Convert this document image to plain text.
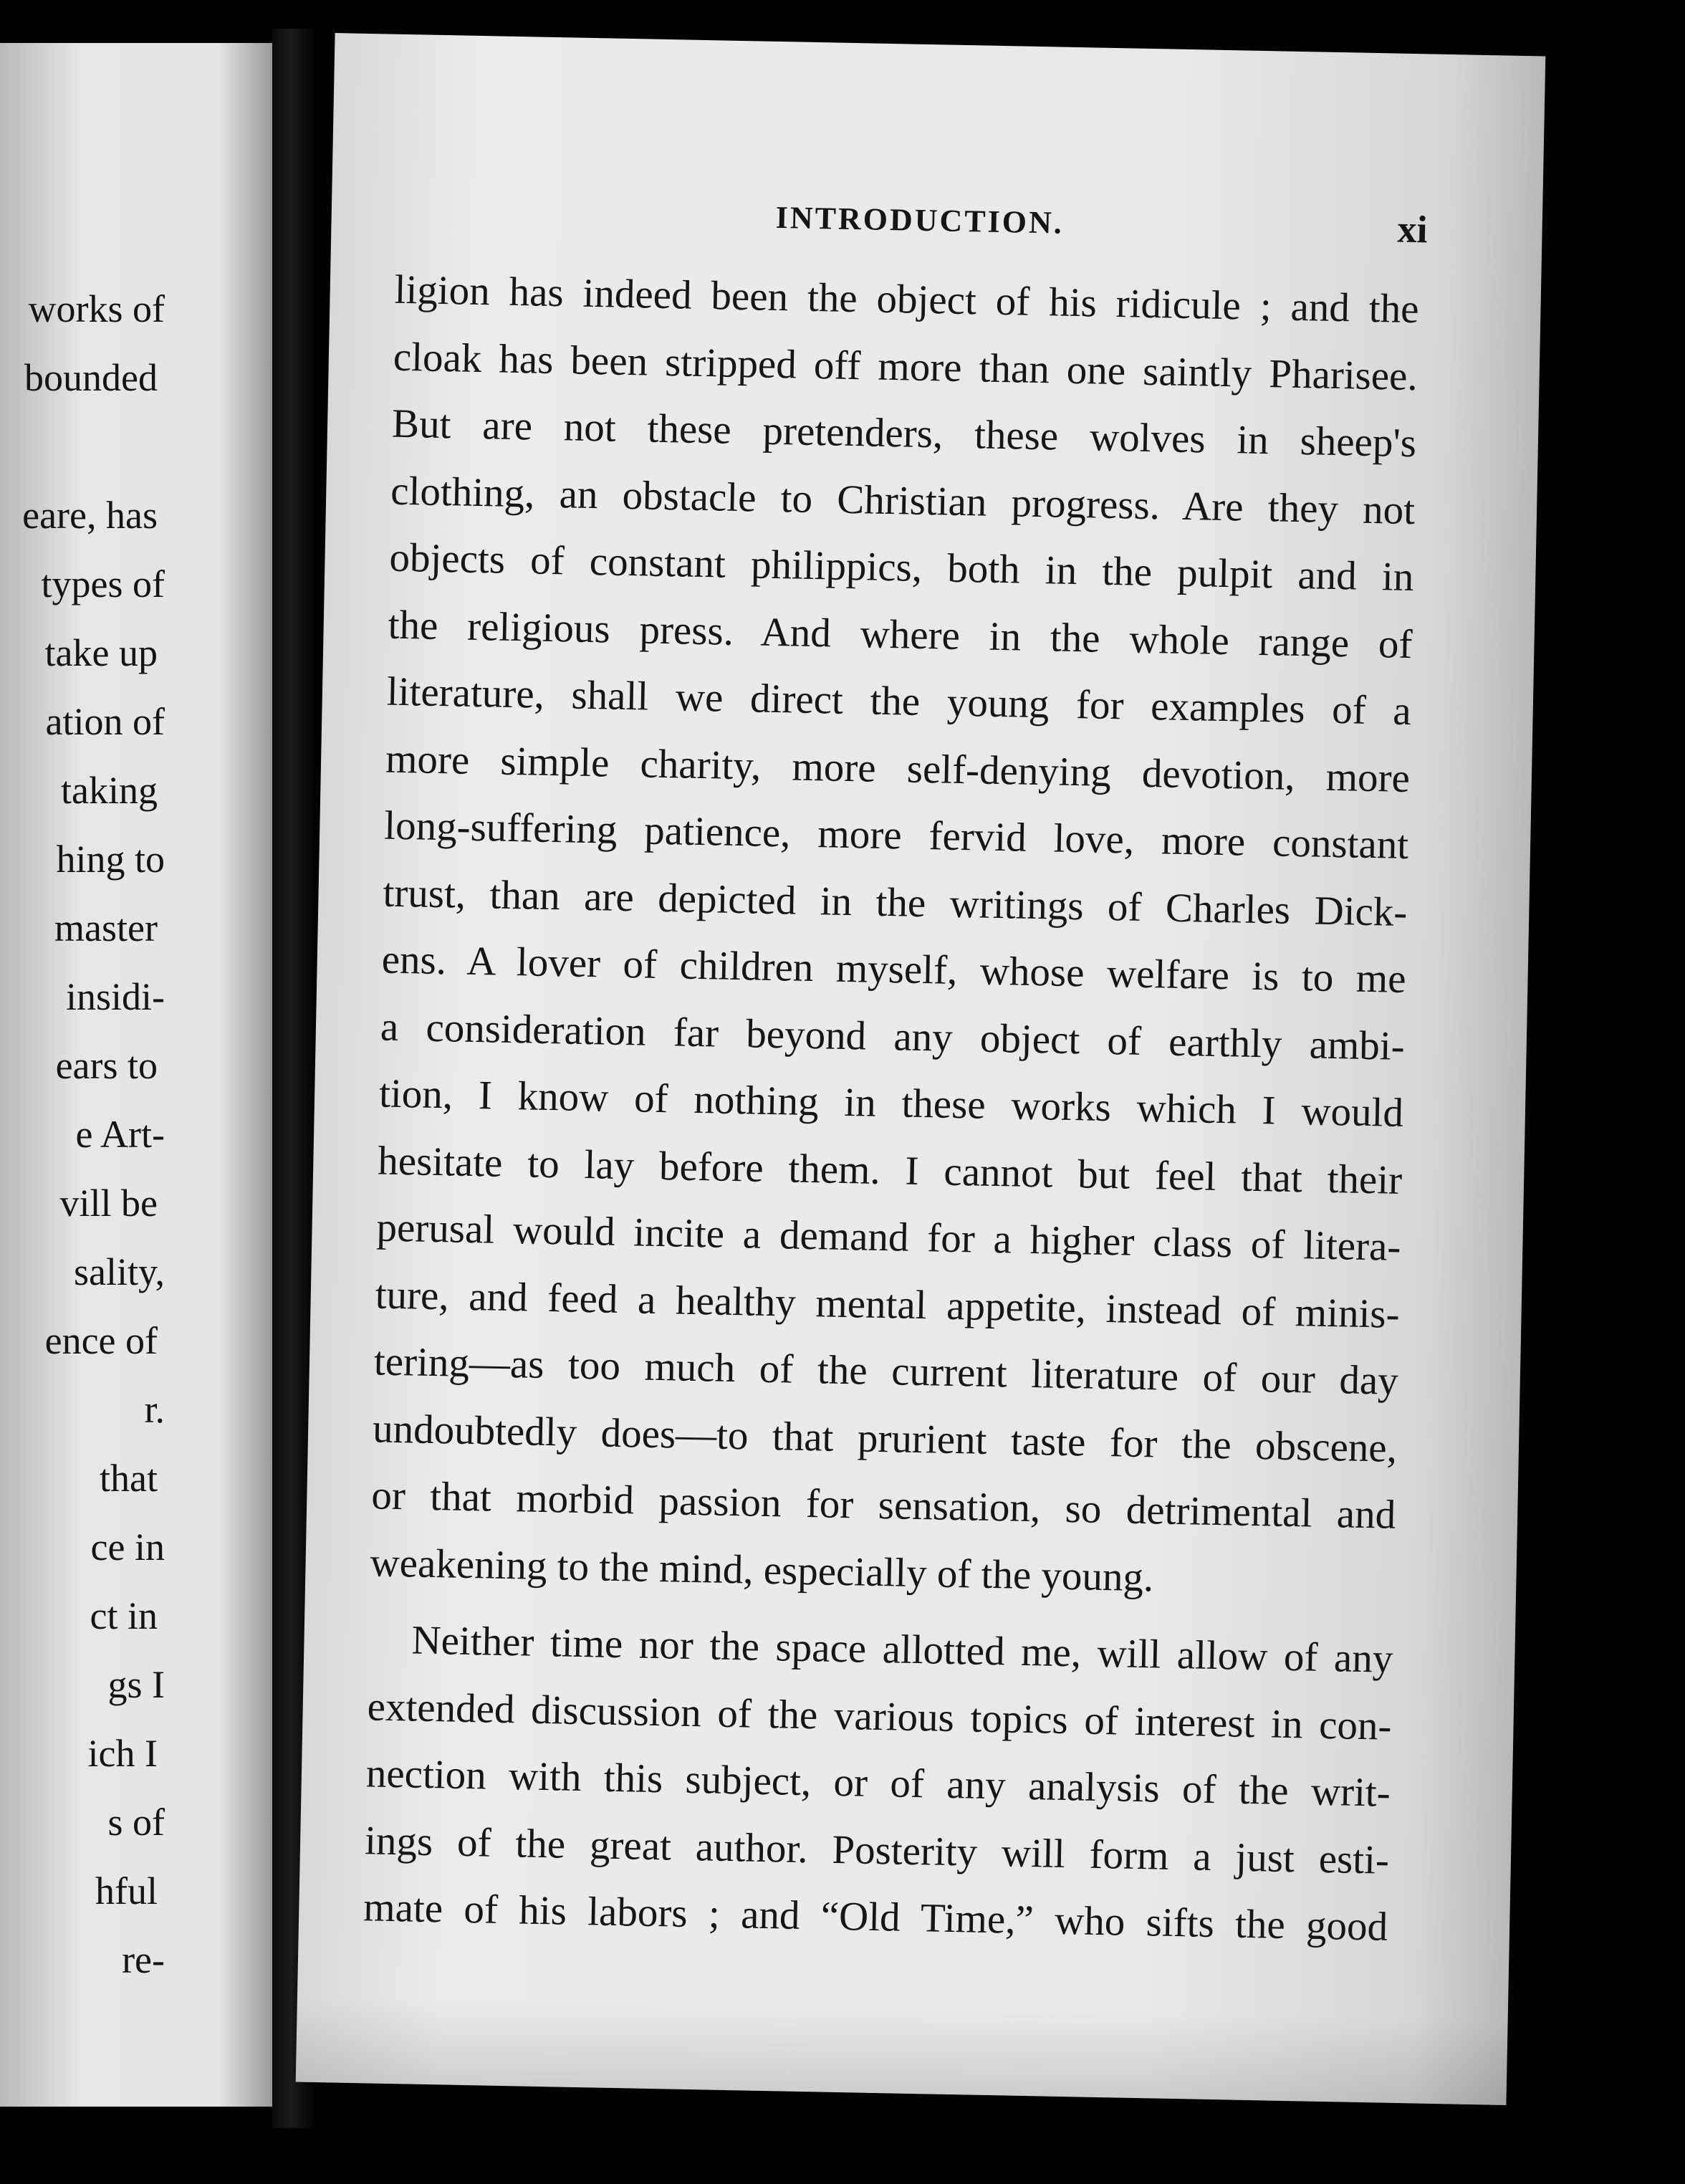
works of
bounded
eare, has
types of
take up
ation of
taking
hing to
master
insidi-
ears to
e Art-
vill be
sality,
ence of
r.
that
ce in
ct in
gs I
ich I
s of
hful
re-
INTRODUCTION.	xi
ligion has indeed been the object of his ridicule ; and the
cloak has been stripped off more than one saintly Pharisee.
But are not these pretenders, these wolves in sheep's
clothing, an obstacle to Christian progress. Are they not
objects of constant philippics, both in the pulpit and in
the religious press. And where in the whole range of
literature, shall we direct the young for examples of a
more simple charity, more self-denying devotion, more
long-suffering patience, more fervid love, more constant
trust, than are depicted in the writings of Charles Dick-
ens. A lover of children myself, whose welfare is to me
a consideration far beyond any object of earthly ambi-
tion, I know of nothing in these works which I would
hesitate to lay before them. I cannot but feel that their
perusal would incite a demand for a higher class of litera-
ture, and feed a healthy mental appetite, instead of minis-
tering—as too much of the current literature of our day
undoubtedly does—to that prurient taste for the obscene,
or that morbid passion for sensation, so detrimental and
weakening to the mind, especially of the young.
Neither time nor the space allotted me, will allow of any
extended discussion of the various topics of interest in con-
nection with this subject, or of any analysis of the writ-
ings of the great author. Posterity will form a just esti-
mate of his labors ; and “Old Time,” who sifts the good
